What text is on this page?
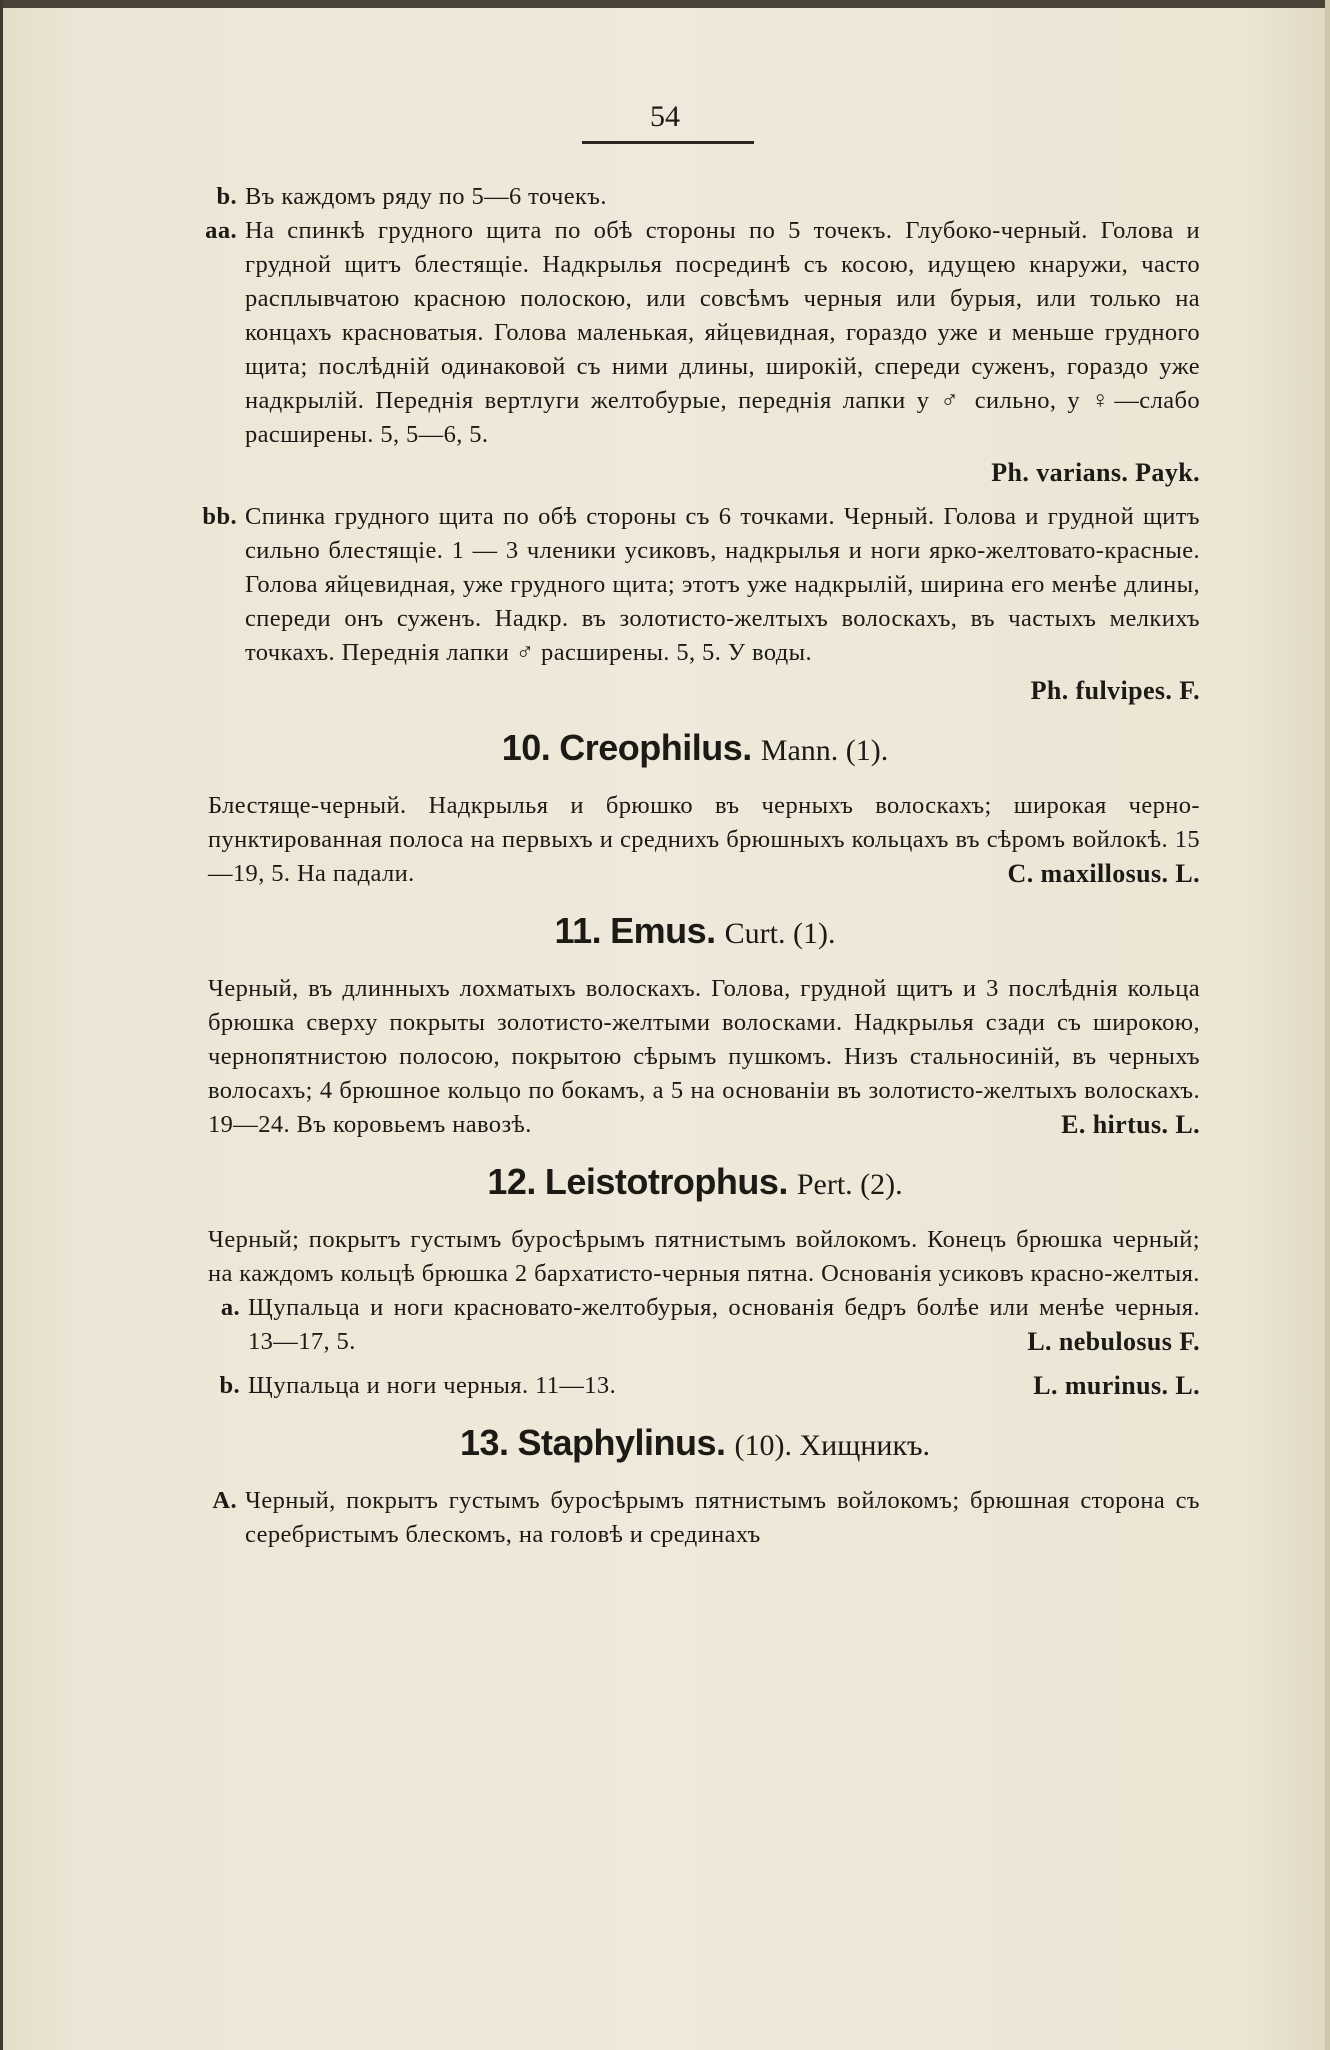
54
b. Въ каждомъ ряду по 5—6 точекъ.
aa. На спинкѣ грудного щита по обѣ стороны по 5 точекъ. Глубоко-черный. Голова и грудной щитъ блестящіе. Надкрылья посрединѣ съ косою, идущею кнаружи, часто расплывчатою красною полоскою, или совсѣмъ черныя или бурыя, или только на концахъ красноватыя. Голова маленькая, яйцевидная, гораздо уже и меньше грудного щита; послѣдній одинаковой съ ними длины, широкій, спереди суженъ, гораздо уже надкрылій. Переднія вертлуги желтобурые, переднія лапки у ♂ сильно, у ♀—слабо расширены. 5, 5—6, 5.
Ph. varians. Payk.
bb. Спинка грудного щита по обѣ стороны съ 6 точками. Черный. Голова и грудной щитъ сильно блестящіе. 1 — 3 членики усиковъ, надкрылья и ноги ярко-желтовато-красные. Голова яйцевидная, уже грудного щита; этотъ уже надкрылій, ширина его менѣе длины, спереди онъ суженъ. Надкр. въ золотисто-желтыхъ волоскахъ, въ частыхъ мелкихъ точкахъ. Переднія лапки ♂ расширены. 5, 5. У воды.
Ph. fulvipes. F.
10. Creophilus. Mann. (1).
Блестяще-черный. Надкрылья и брюшко въ черныхъ волоскахъ; широкая черно-пунктированная полоса на первыхъ и среднихъ брюшныхъ кольцахъ въ сѣромъ войлокѣ. 15—19, 5. На падали.	C. maxillosus. L.
11. Emus. Curt. (1).
Черный, въ длинныхъ лохматыхъ волоскахъ. Голова, грудной щитъ и 3 послѣднія кольца брюшка сверху покрыты золотисто-желтыми волосками. Надкрылья сзади съ широкою, чернопятнистою полосою, покрытою сѣрымъ пушкомъ. Низъ стальносиній, въ черныхъ волосахъ; 4 брюшное кольцо по бокамъ, а 5 на основаніи въ золотисто-желтыхъ волоскахъ. 19—24. Въ коровьемъ навозѣ.	E. hirtus. L.
12. Leistotrophus. Pert. (2).
Черный; покрытъ густымъ буросѣрымъ пятнистымъ войлокомъ. Конецъ брюшка черный; на каждомъ кольцѣ брюшка 2 бархатисто-черныя пятна. Основанія усиковъ красно-желтыя.
a. Щупальца и ноги красновато-желтобурыя, основанія бедръ болѣе или менѣе черныя. 13—17, 5.	L. nebulosus F.
b. Щупальца и ноги черныя. 11—13.	L. murinus. L.
13. Staphylinus. (10). Хищникъ.
A. Черный, покрытъ густымъ буросѣрымъ пятнистымъ войлокомъ; брюшная сторона съ серебристымъ блескомъ, на головѣ и срединахъ
